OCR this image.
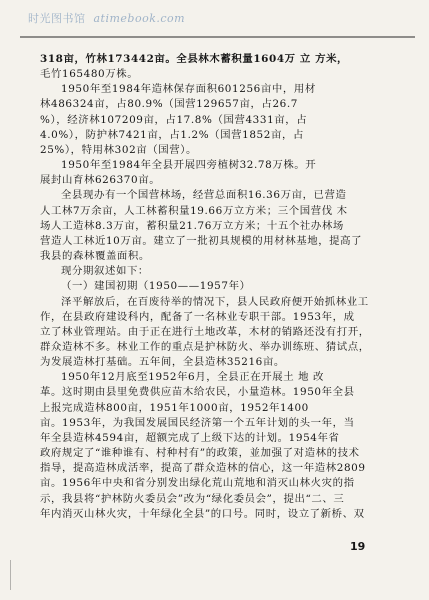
时光图书馆 atimebook.com
318亩，竹林173442亩。全县林木蓄积量1604万 立 方米，
毛竹165480万株。
1950年至1984年造林保存面积601256亩中，用材
林486324亩，占80.9%（国营129657亩，占26.7
%），经济林107209亩，占17.8%（国营4331亩，占
4.0%），防护林7421亩，占1.2%（国营1852亩，占
25%），特用林302亩（国营）。
1950年至1984年全县开展四旁植树32.78万株。开
展封山育林626370亩。
全县现办有一个国营林场，经营总面积16.36万亩，已营造
人工林7万余亩，人工林蓄积量19.66万立方米；三个国营伐 木
场人工造林8.3万亩，蓄积量21.76万立方米；十五个社办林场
营造人工林近10万亩。建立了一批初具规模的用材林基地，提高了
我县的森林覆盖面积。
现分期叙述如下：
（一）建国初期（1950——1957年）
泽平解放后，在百废待举的情况下，县人民政府便开始抓林业工
作，在县政府建设科内，配备了一名林业专职干部。1953年，成
立了林业管理站。由于正在进行土地改革，木材的销路还没有打开，
群众造林不多。林业工作的重点是护林防火、举办训练班、猜试点，
为发展造林打基础。五年间，全县造林35216亩。
1950年12月底至1952年6月，全县正在开展土 地 改
革。这时期由县里免费供应苗木给农民，小量造林。1950年全县
上报完成造林800亩，1951年1000亩，1952年1400
亩。1953年，为我国发展国民经济第一个五年计划的头一年，当
年全县造林4594亩，超额完成了上级下达的计划。1954年省
政府规定了“谁种谁有、村种村有”的政策，並加强了对造林的技术
指导，提高造林成活率，提高了群众造林的信心，这一年造林2809
亩。1956年中央和省分别发出绿化荒山荒地和消灭山林火灾的指
示，我县将“护林防火委员会”改为“绿化委员会”，提出“二、三
年内消灭山林火灾，十年绿化全县”的口号。同时，设立了新桥、双
19
